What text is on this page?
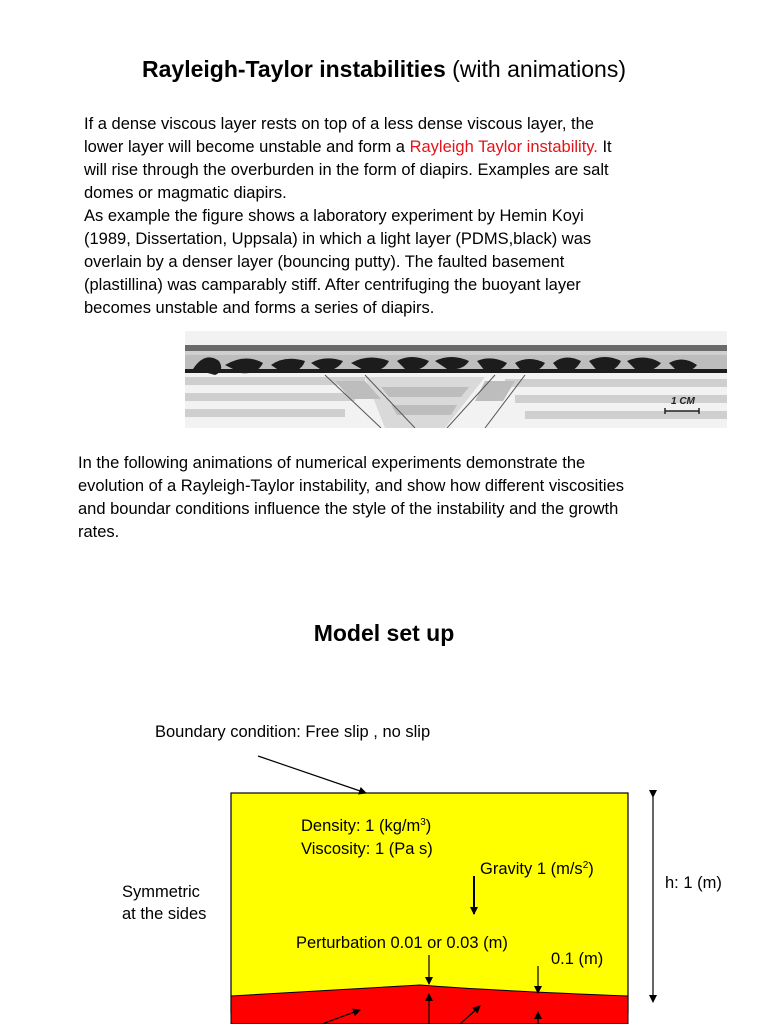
Rayleigh-Taylor instabilities (with animations)
If a dense viscous layer rests on top of a less dense viscous layer, the
lower layer will become unstable and form a Rayleigh Taylor instability. It
will rise through the overburden in the form of diapirs. Examples are salt
domes or magmatic diapirs.
As example the figure shows a laboratory experiment by Hemin Koyi
(1989, Dissertation, Uppsala) in which a light layer (PDMS,black) was
overlain by a denser layer (bouncing putty). The faulted basement
(plastillina) was camparably stiff. After centrifuging the buoyant layer
becomes unstable and forms a series of diapirs.
1 CM
In the following animations of numerical experiments demonstrate the
evolution of a Rayleigh-Taylor instability, and show how different viscosities
and boundar conditions influence the style of the instability and the growth
rates.
Model set up
Boundary condition: Free slip , no slip
Density: 1 $(kg/m^3)$
Viscosity: 1 (Pa s)
Gravity 1 $(m/s^2)$
Symmetric
at the sides
h: 1 (m)
Perturbation 0.01 or 0.03 (m)
0.1 (m)
